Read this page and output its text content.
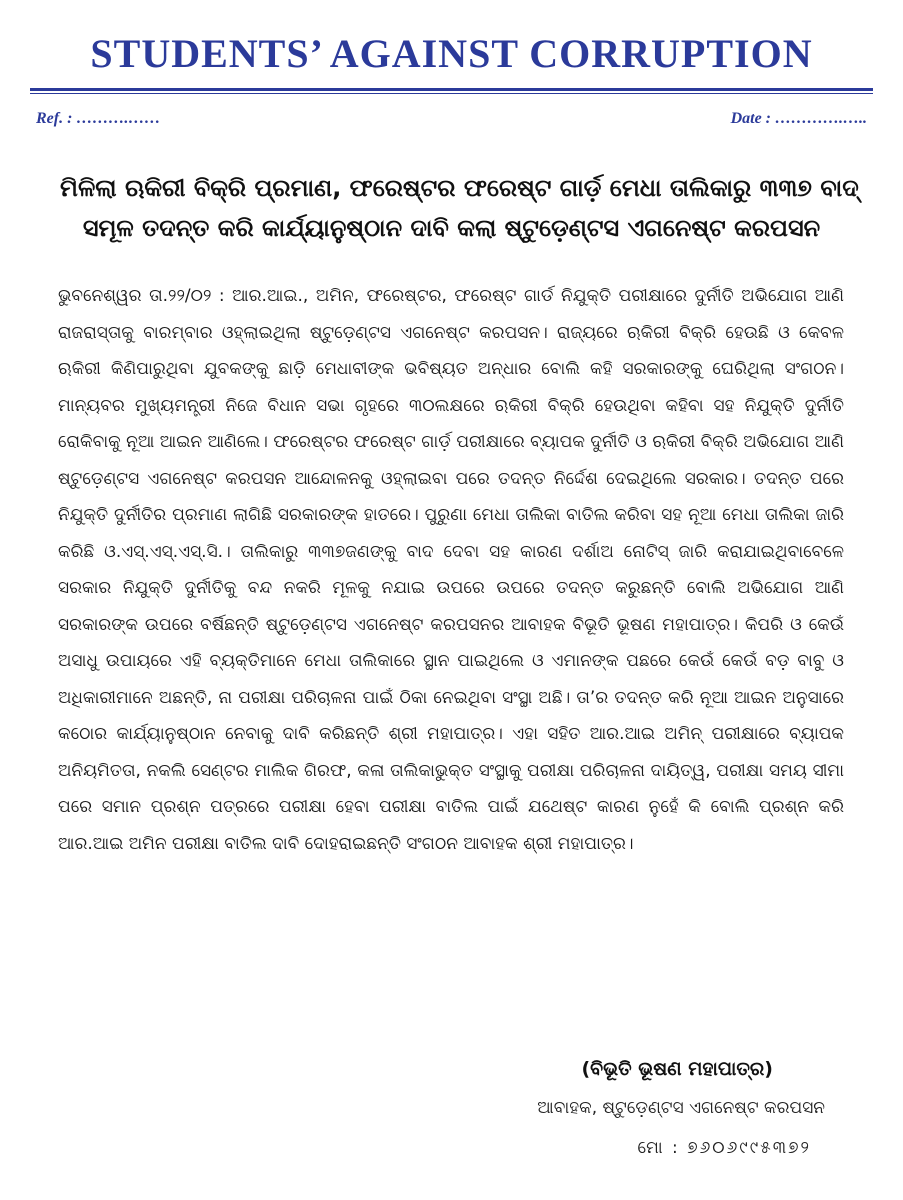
STUDENTS’ AGAINST CORRUPTION
Ref. : ……….……	Date : ………….…..
ମିଳିଲା ଋକିରୀ ବିକ୍ରି ପ୍ରମାଣ, ଫରେଷ୍ଟର ଫରେଷ୍ଟ ଗାର୍ଡ଼ ମେଧା ତାଲିକାରୁ ୩୩୭ ବାଦ୍
ସମୂଳ ତଦନ୍ତ କରି କାର୍ଯ୍ୟାନୁଷ୍ଠାନ ଦାବି କଲା ଷ୍ଟୁଡ଼େଣ୍ଟସ ଏଗନେଷ୍ଟ କରପସନ
ଭୁବନେଶ୍ୱର ତା.୨୨/୦୨ : ଆର.ଆଇ., ଅମିନ, ଫରେଷ୍ଟର, ଫରେଷ୍ଟ ଗାର୍ଡ ନିଯୁକ୍ତି ପରୀକ୍ଷାରେ ଦୁର୍ନୀତି ଅଭିଯୋଗ ଆଣି ରାଜରାସ୍ତାକୁ ବାରମ୍ବାର ଓହ୍ଲାଇଥିଲା ଷ୍ଟୁଡ଼େଣ୍ଟସ ଏଗନେଷ୍ଟ କରପସନ। ରାଜ୍ୟରେ ଋକିରୀ ବିକ୍ରି ହେଉଛି ଓ କେବଳ ଋକିରୀ କିଣିପାରୁଥିବା ଯୁବକଙ୍କୁ ଛାଡ଼ି ମେଧାବୀଙ୍କ ଭବିଷ୍ୟତ ଅନ୍ଧାର ବୋଲି କହି ସରକାରଙ୍କୁ ଘେରିଥିଲା ସଂଗଠନ। ମାନ୍ୟବର ମୁଖ୍ୟମନ୍ତ୍ରୀ ନିଜେ ବିଧାନ ସଭା ଗୃହରେ ୩୦ଲକ୍ଷରେ ଋକିରୀ ବିକ୍ରି ହେଉଥିବା କହିବା ସହ ନିଯୁକ୍ତି ଦୁର୍ନୀତି ରୋକିବାକୁ ନୂଆ ଆଇନ ଆଣିଲେ। ଫରେଷ୍ଟର ଫରେଷ୍ଟ ଗାର୍ଡ଼ ପରୀକ୍ଷାରେ ବ୍ୟାପକ ଦୁର୍ନୀତି ଓ ଋକିରୀ ବିକ୍ରି ଅଭିଯୋଗ ଆଣି ଷ୍ଟୁଡ଼େଣ୍ଟସ ଏଗନେଷ୍ଟ କରପସନ ଆନ୍ଦୋଳନକୁ ଓହ୍ଲାଇବା ପରେ ତଦନ୍ତ ନିର୍ଦ୍ଦେଶ ଦେଇଥିଲେ ସରକାର। ତଦନ୍ତ ପରେ ନିଯୁକ୍ତି ଦୁର୍ନୀତିର ପ୍ରମାଣ ଲାଗିଛି ସରକାରଙ୍କ ହାତରେ। ପୁରୁଣା ମେଧା ତାଲିକା ବାତିଲ କରିବା ସହ ନୂଆ ମେଧା ତାଲିକା ଜାରି କରିଛି ଓ.ଏସ୍.ଏସ୍.ଏସ୍.ସି.। ତାଲିକାରୁ ୩୩୭ଜଣଙ୍କୁ ବାଦ ଦେବା ସହ କାରଣ ଦର୍ଶାଅ ନୋଟିସ୍ ଜାରି କରାଯାଇଥିବାବେଳେ ସରକାର ନିଯୁକ୍ତି ଦୁର୍ନୀତିକୁ ବନ୍ଦ ନକରି ମୂଳକୁ ନଯାଇ ଉପରେ ଉପରେ ତଦନ୍ତ କରୁଛନ୍ତି ବୋଲି ଅଭିଯୋଗ ଆଣି ସରକାରଙ୍କ ଉପରେ ବର୍ଷିଛନ୍ତି ଷ୍ଟୁଡ଼େଣ୍ଟସ ଏଗନେଷ୍ଟ କରପସନର ଆବାହକ ବିଭୂତି ଭୂଷଣ ମହାପାତ୍ର। କିପରି ଓ କେଉଁ ଅସାଧୁ ଉପାୟରେ ଏହି ବ୍ୟକ୍ତିମାନେ ମେଧା ତାଲିକାରେ ସ୍ଥାନ ପାଇଥିଲେ ଓ ଏମାନଙ୍କ ପଛରେ କେଉଁ କେଉଁ ବଡ଼ ବାବୁ ଓ ଅଧିକାରୀମାନେ ଅଛନ୍ତି, ନା ପରୀକ୍ଷା ପରିଚାଳନା ପାଇଁ ଠିକା ନେଇଥିବା ସଂସ୍ଥା ଅଛି। ତା’ର ତଦନ୍ତ କରି ନୂଆ ଆଇନ ଅନୁସାରେ କଠୋର କାର୍ଯ୍ୟାନୁଷ୍ଠାନ ନେବାକୁ ଦାବି କରିଛନ୍ତି ଶ୍ରୀ ମହାପାତ୍ର। ଏହା ସହିତ ଆର.ଆଇ ଅମିନ୍ ପରୀକ୍ଷାରେ ବ୍ୟାପକ ଅନିୟମିତତା, ନକଲି ସେଣ୍ଟର ମାଲିକ ଗିରଫ, କଳା ତାଲିକାଭୁକ୍ତ ସଂସ୍ଥାକୁ ପରୀକ୍ଷା ପରିଚାଳନା ଦାୟିତ୍ୱ, ପରୀକ୍ଷା ସମୟ ସୀମା ପରେ ସମାନ ପ୍ରଶ୍ନ ପତ୍ରରେ ପରୀକ୍ଷା ହେବା ପରୀକ୍ଷା ବାତିଲ ପାଇଁ ଯଥେଷ୍ଟ କାରଣ ନୁହେଁ କି ବୋଲି ପ୍ରଶ୍ନ କରି ଆର.ଆଇ ଅମିନ ପରୀକ୍ଷା ବାତିଲ ଦାବି ଦୋହରାଇଛନ୍ତି ସଂଗଠନ ଆବାହକ ଶ୍ରୀ ମହାପାତ୍ର।
(ବିଭୂତି ଭୂଷଣ ମହାପାତ୍ର)
ଆବାହକ, ଷ୍ଟୁଡ଼େଣ୍ଟସ ଏଗନେଷ୍ଟ କରପସନ
ମୋ : ୭୬୦୬୯୯୫୩୭୨
